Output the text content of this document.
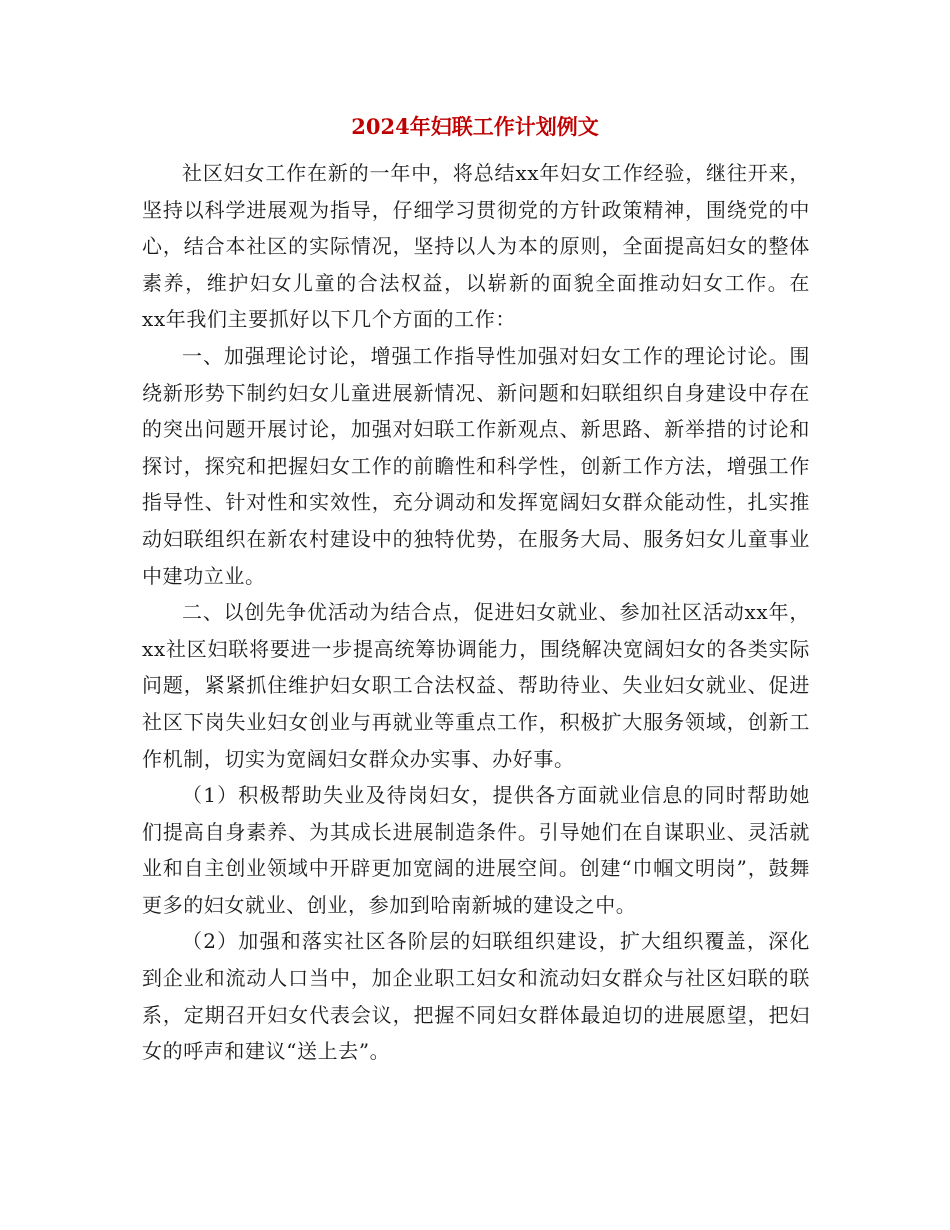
2024年妇联工作计划例文

社区妇女工作在新的一年中，将总结xx年妇女工作经验，继往开来，坚持以科学进展观为指导，仔细学习贯彻党的方针政策精神，围绕党的中心，结合本社区的实际情况，坚持以人为本的原则，全面提高妇女的整体素养，维护妇女儿童的合法权益，以崭新的面貌全面推动妇女工作。在 xx年我们主要抓好以下几个方面的工作：

一、加强理论讨论，增强工作指导性加强对妇女工作的理论讨论。围绕新形势下制约妇女儿童进展新情况、新问题和妇联组织自身建设中存在的突出问题开展讨论，加强对妇联工作新观点、新思路、新举措的讨论和探讨，探究和把握妇女工作的前瞻性和科学性，创新工作方法，增强工作指导性、针对性和实效性，充分调动和发挥宽阔妇女群众能动性，扎实推动妇联组织在新农村建设中的独特优势，在服务大局、服务妇女儿童事业中建功立业。

二、以创先争优活动为结合点，促进妇女就业、参加社区活动xx年，xx社区妇联将要进一步提高统筹协调能力，围绕解决宽阔妇女的各类实际问题，紧紧抓住维护妇女职工合法权益、帮助待业、失业妇女就业、促进社区下岗失业妇女创业与再就业等重点工作，积极扩大服务领域，创新工作机制，切实为宽阔妇女群众办实事、办好事。

（1）积极帮助失业及待岗妇女，提供各方面就业信息的同时帮助她们提高自身素养、为其成长进展制造条件。引导她们在自谋职业、灵活就业和自主创业领域中开辟更加宽阔的进展空间。创建“巾帼文明岗”，鼓舞更多的妇女就业、创业，参加到哈南新城的建设之中。

（2）加强和落实社区各阶层的妇联组织建设，扩大组织覆盖，深化到企业和流动人口当中，加企业职工妇女和流动妇女群众与社区妇联的联系，定期召开妇女代表会议，把握不同妇女群体最迫切的进展愿望，把妇女的呼声和建议“送上去”。
